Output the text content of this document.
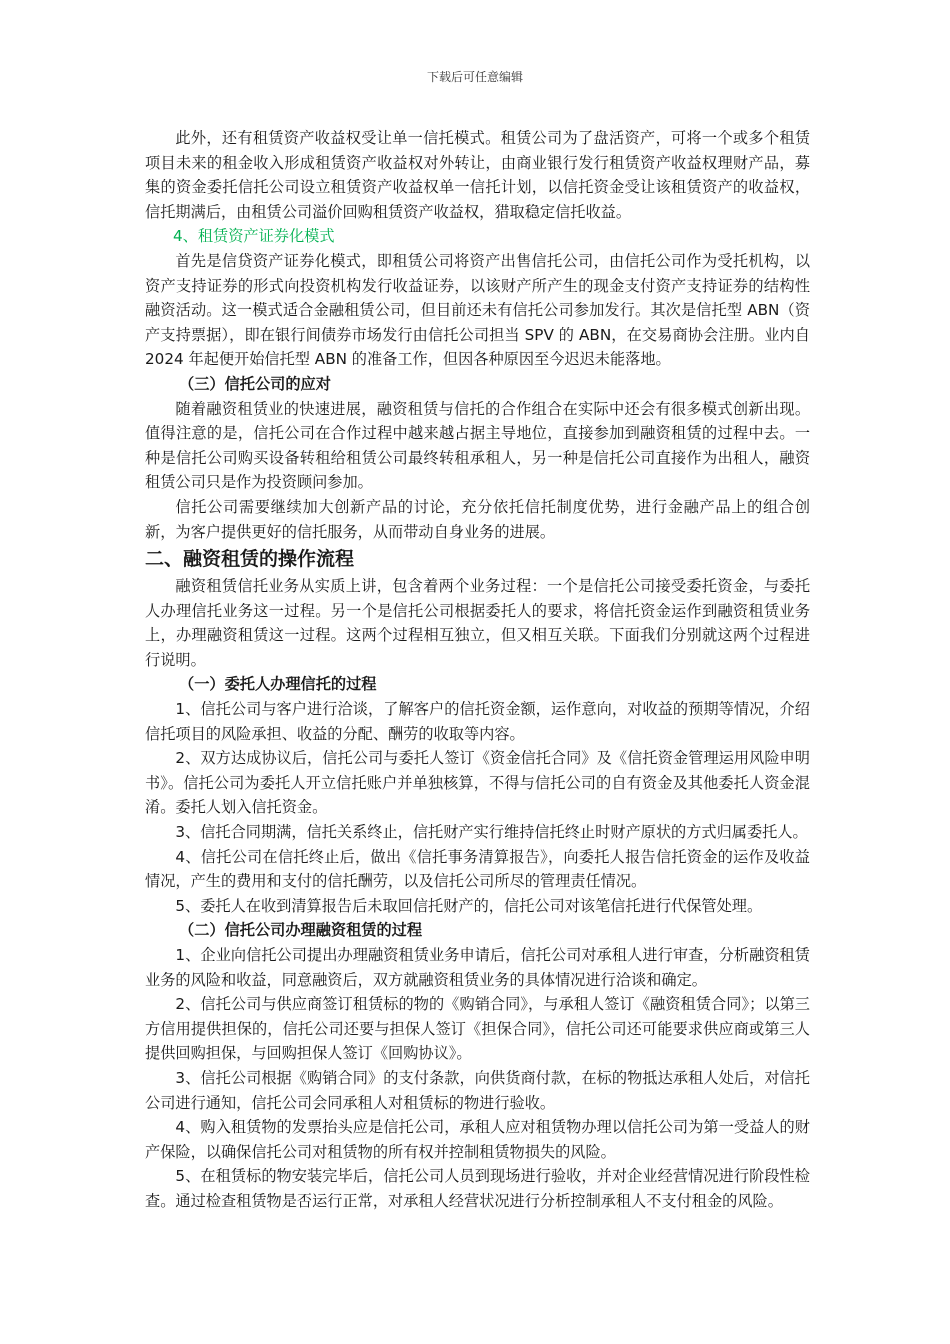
下载后可任意编辑

此外，还有租赁资产收益权受让单一信托模式。租赁公司为了盘活资产，可将一个或多个租赁项目未来的租金收入形成租赁资产收益权对外转让，由商业银行发行租赁资产收益权理财产品，募集的资金委托信托公司设立租赁资产收益权单一信托计划，以信托资金受让该租赁资产的收益权，信托期满后，由租赁公司溢价回购租赁资产收益权，猎取稳定信托收益。

4、租赁资产证券化模式

首先是信贷资产证券化模式，即租赁公司将资产出售信托公司，由信托公司作为受托机构，以资产支持证券的形式向投资机构发行收益证券，以该财产所产生的现金支付资产支持证券的结构性融资活动。这一模式适合金融租赁公司，但目前还未有信托公司参加发行。其次是信托型 ABN（资产支持票据），即在银行间债券市场发行由信托公司担当 SPV 的 ABN，在交易商协会注册。业内自 2024 年起便开始信托型 ABN 的准备工作，但因各种原因至今迟迟未能落地。

（三）信托公司的应对

随着融资租赁业的快速进展，融资租赁与信托的合作组合在实际中还会有很多模式创新出现。值得注意的是，信托公司在合作过程中越来越占据主导地位，直接参加到融资租赁的过程中去。一种是信托公司购买设备转租给租赁公司最终转租承租人，另一种是信托公司直接作为出租人，融资租赁公司只是作为投资顾问参加。

信托公司需要继续加大创新产品的讨论，充分依托信托制度优势，进行金融产品上的组合创新，为客户提供更好的信托服务，从而带动自身业务的进展。

二、融资租赁的操作流程

融资租赁信托业务从实质上讲，包含着两个业务过程：一个是信托公司接受委托资金，与委托人办理信托业务这一过程。另一个是信托公司根据委托人的要求，将信托资金运作到融资租赁业务上，办理融资租赁这一过程。这两个过程相互独立，但又相互关联。下面我们分别就这两个过程进行说明。

（一）委托人办理信托的过程

1、信托公司与客户进行洽谈，了解客户的信托资金额，运作意向，对收益的预期等情况，介绍信托项目的风险承担、收益的分配、酬劳的收取等内容。

2、双方达成协议后，信托公司与委托人签订《资金信托合同》及《信托资金管理运用风险申明书》。信托公司为委托人开立信托账户并单独核算，不得与信托公司的自有资金及其他委托人资金混淆。委托人划入信托资金。

3、信托合同期满，信托关系终止，信托财产实行维持信托终止时财产原状的方式归属委托人。

4、信托公司在信托终止后，做出《信托事务清算报告》，向委托人报告信托资金的运作及收益情况，产生的费用和支付的信托酬劳，以及信托公司所尽的管理责任情况。

5、委托人在收到清算报告后未取回信托财产的，信托公司对该笔信托进行代保管处理。

（二）信托公司办理融资租赁的过程

1、企业向信托公司提出办理融资租赁业务申请后，信托公司对承租人进行审查，分析融资租赁业务的风险和收益，同意融资后，双方就融资租赁业务的具体情况进行洽谈和确定。

2、信托公司与供应商签订租赁标的物的《购销合同》，与承租人签订《融资租赁合同》；以第三方信用提供担保的，信托公司还要与担保人签订《担保合同》，信托公司还可能要求供应商或第三人提供回购担保，与回购担保人签订《回购协议》。

3、信托公司根据《购销合同》的支付条款，向供货商付款，在标的物抵达承租人处后，对信托公司进行通知，信托公司会同承租人对租赁标的物进行验收。

4、购入租赁物的发票抬头应是信托公司，承租人应对租赁物办理以信托公司为第一受益人的财产保险，以确保信托公司对租赁物的所有权并控制租赁物损失的风险。

5、在租赁标的物安装完毕后，信托公司人员到现场进行验收，并对企业经营情况进行阶段性检查。通过检查租赁物是否运行正常，对承租人经营状况进行分析控制承租人不支付租金的风险。
